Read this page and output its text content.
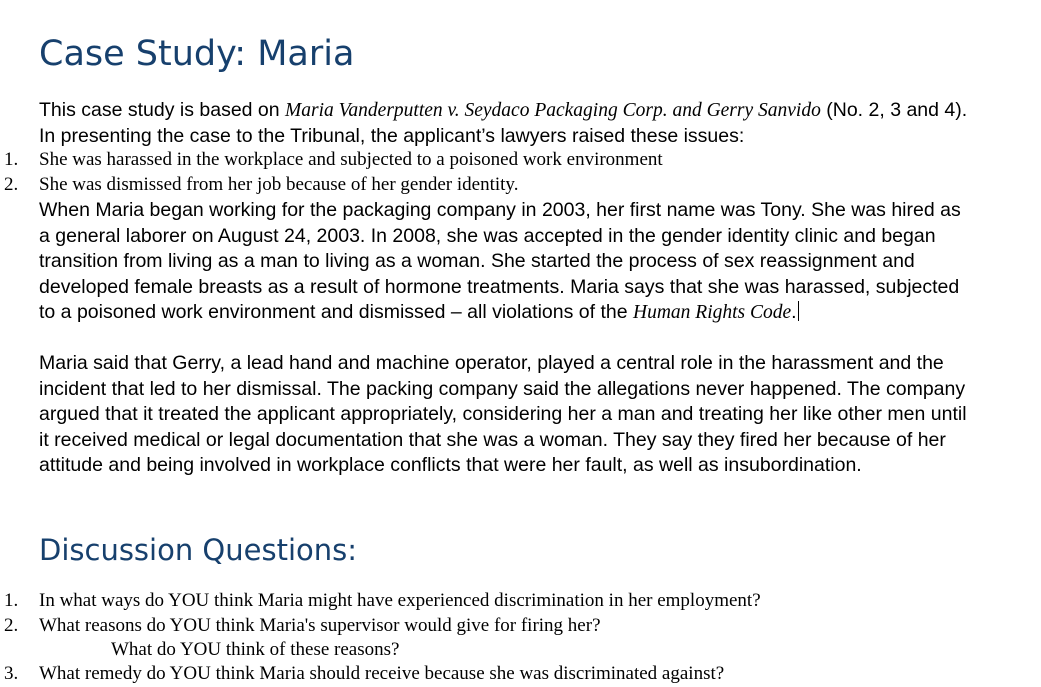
Case Study: Maria

This case study is based on Maria Vanderputten v. Seydaco Packaging Corp. and Gerry Sanvido (No. 2, 3 and 4). In presenting the case to the Tribunal, the applicant’s lawyers raised these issues:

1. She was harassed in the workplace and subjected to a poisoned work environment
2. She was dismissed from her job because of her gender identity.

When Maria began working for the packaging company in 2003, her first name was Tony. She was hired as a general laborer on August 24, 2003. In 2008, she was accepted in the gender identity clinic and began transition from living as a man to living as a woman. She started the process of sex reassignment and developed female breasts as a result of hormone treatments. Maria says that she was harassed, subjected to a poisoned work environment and dismissed – all violations of the Human Rights Code.

Maria said that Gerry, a lead hand and machine operator, played a central role in the harassment and the incident that led to her dismissal. The packing company said the allegations never happened. The company argued that it treated the applicant appropriately, considering her a man and treating her like other men until it received medical or legal documentation that she was a woman. They say they fired her because of her attitude and being involved in workplace conflicts that were her fault, as well as insubordination.

Discussion Questions:
1. In what ways do YOU think Maria might have experienced discrimination in her employment?
2. What reasons do YOU think Maria's supervisor would give for firing her?
What do YOU think of these reasons?
3. What remedy do YOU think Maria should receive because she was discriminated against?
